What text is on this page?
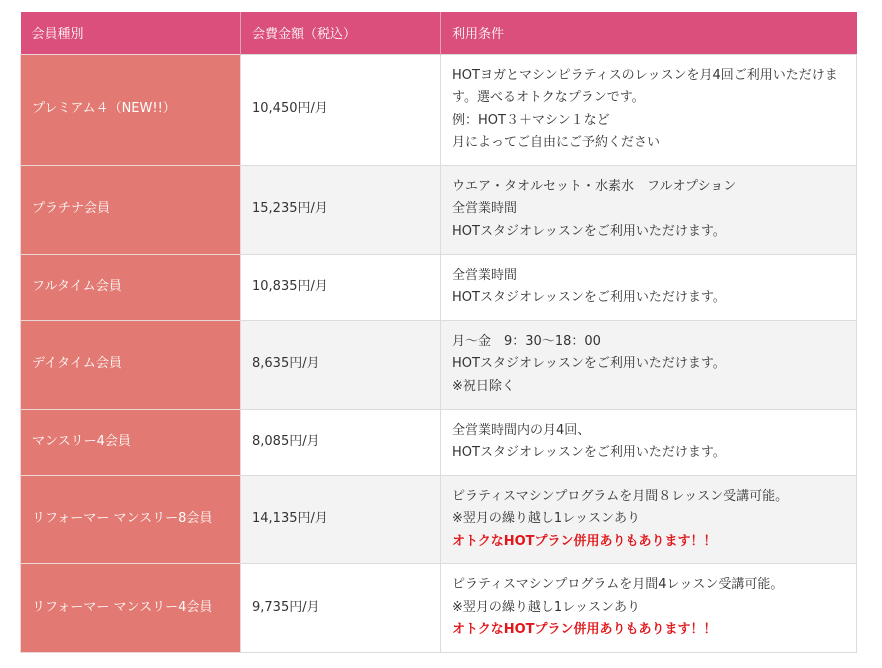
会員種別	会費金額（税込）	利用条件
プレミアム４（NEW!!）	10,450円/月	HOTヨガとマシンピラティスのレッスンを月4回ご利用いただけます。選べるオトクなプランです。
例：HOT３＋マシン１など
月によってご自由にご予約ください

プラチナ会員	15,235円/月	ウエア・タオルセット・水素水　フルオプション
全営業時間
HOTスタジオレッスンをご利用いただけます。

フルタイム会員	10,835円/月	全営業時間
HOTスタジオレッスンをご利用いただけます。

デイタイム会員	8,635円/月	月〜金　9：30〜18：00
HOTスタジオレッスンをご利用いただけます。
※祝日除く

マンスリー4会員	8,085円/月	全営業時間内の月4回、
HOTスタジオレッスンをご利用いただけます。

リフォーマー マンスリー8会員	14,135円/月	ピラティスマシンプログラムを月間８レッスン受講可能。
※翌月の繰り越し1レッスンあり
オトクなHOTプラン併用ありもあります！！

リフォーマー マンスリー4会員	9,735円/月	ピラティスマシンプログラムを月間4レッスン受講可能。
※翌月の繰り越し1レッスンあり
オトクなHOTプラン併用ありもあります！！
